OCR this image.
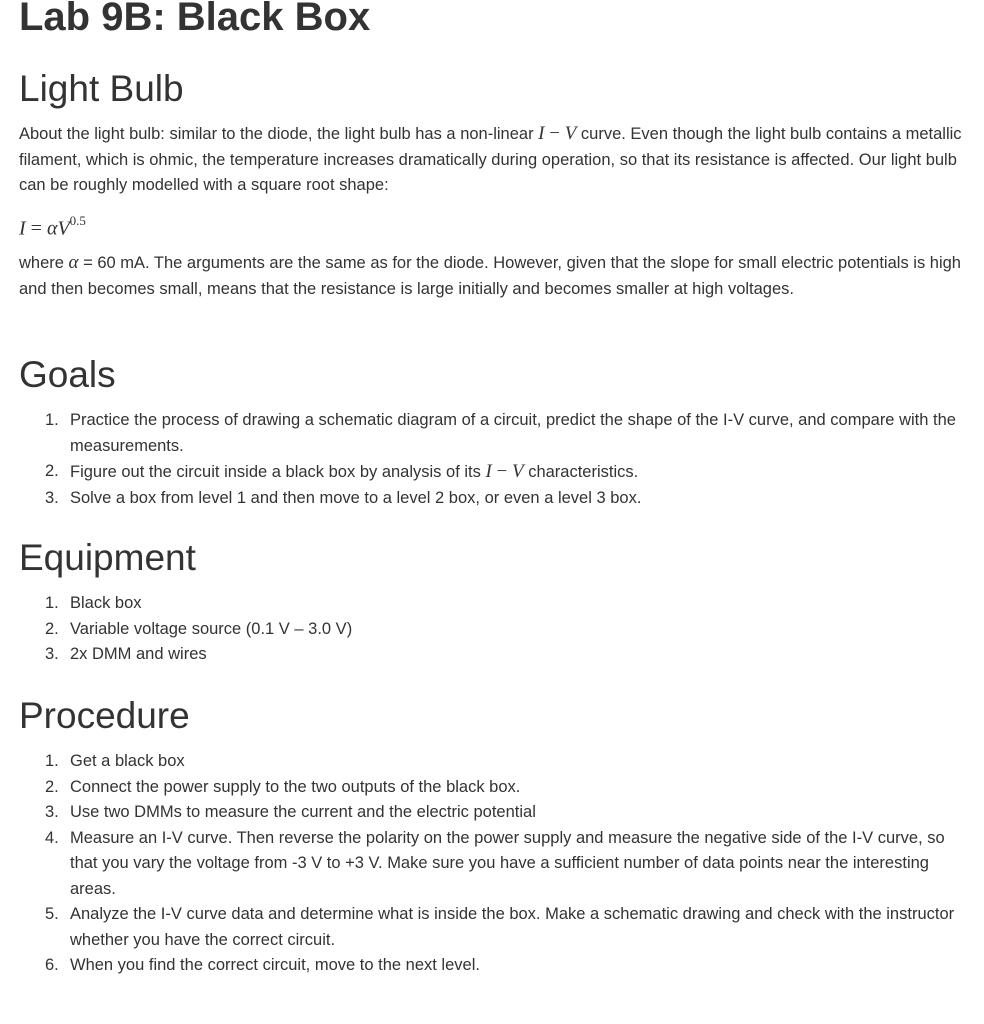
Lab 9B: Black Box
Light Bulb

About the light bulb: similar to the diode, the light bulb has a non-linear I − V curve. Even though the light bulb contains a metallic filament, which is ohmic, the temperature increases dramatically during operation, so that its resistance is affected. Our light bulb can be roughly modelled with a square root shape:

$I = \alpha V^{0.5}$

where α = 60 mA. The arguments are the same as for the diode. However, given that the slope for small electric potentials is high and then becomes small, means that the resistance is large initially and becomes smaller at high voltages.

Goals
1. Practice the process of drawing a schematic diagram of a circuit, predict the shape of the I-V curve, and compare with the measurements.
2. Figure out the circuit inside a black box by analysis of its I − V characteristics.
3. Solve a box from level 1 and then move to a level 2 box, or even a level 3 box.
Equipment
1. Black box
2. Variable voltage source (0.1 V – 3.0 V)
3. 2x DMM and wires
Procedure
1. Get a black box
2. Connect the power supply to the two outputs of the black box.
3. Use two DMMs to measure the current and the electric potential
4. Measure an I-V curve. Then reverse the polarity on the power supply and measure the negative side of the I-V curve, so that you vary the voltage from -3 V to +3 V. Make sure you have a sufficient number of data points near the interesting areas.
5. Analyze the I-V curve data and determine what is inside the box. Make a schematic drawing and check with the instructor whether you have the correct circuit.
6. When you find the correct circuit, move to the next level.
